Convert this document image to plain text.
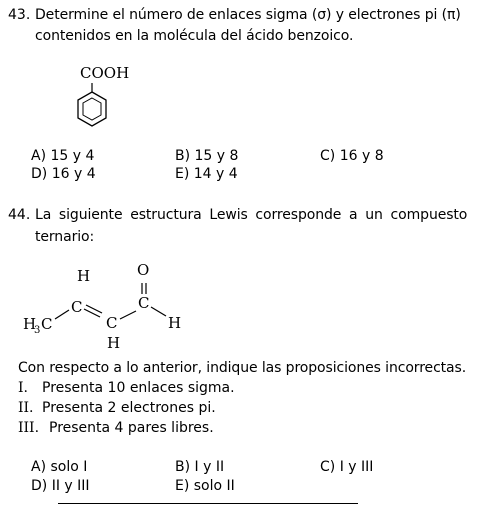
43. Determine el número de enlaces sigma (σ) y electrones pi (π)
contenidos en la molécula del ácido benzoico.
COOH
A) 15 y 4	B) 15 y 8	C) 16 y 8
D) 16 y 4	E) 14 y 4
44. La siguiente estructura Lewis corresponde a un compuesto
ternario:
H
3 C
C
H
C
H
C
O
H
Con respecto a lo anterior, indique las proposiciones incorrectas.
I. Presenta 10 enlaces sigma.
II. Presenta 2 electrones pi.
III. Presenta 4 pares libres.
A) solo I	B) I y II	C) I y III
D) II y III	E) solo II
